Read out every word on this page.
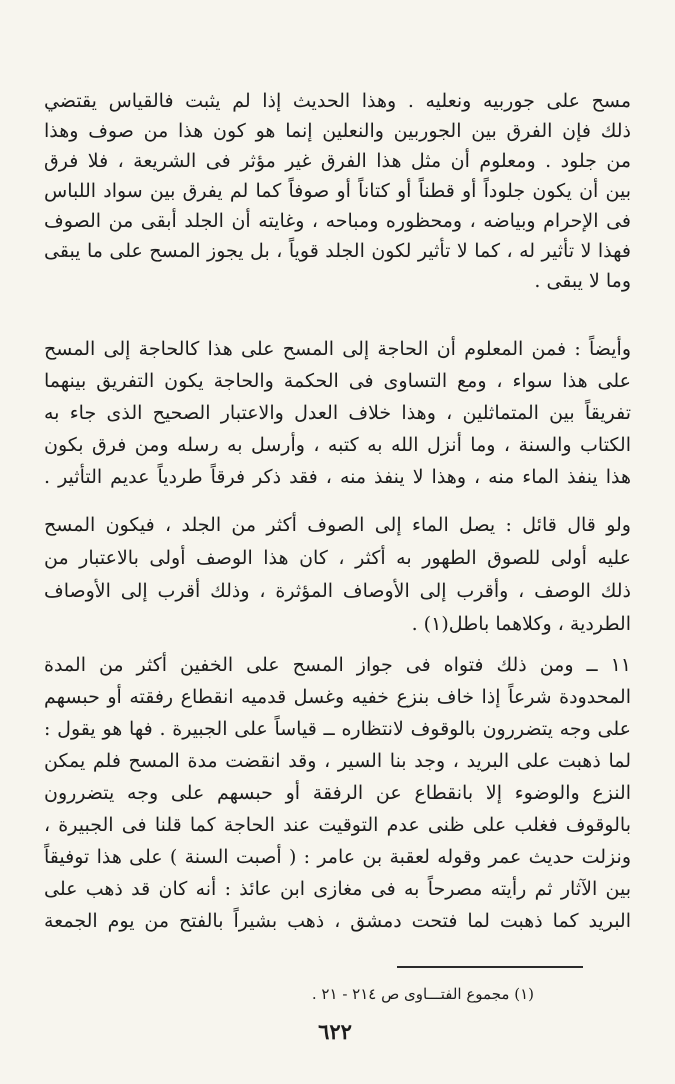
مسح على جوربيه ونعليه . وهذا الحديث إذا لم يثبت فالقياس يقتضي
ذلك فإن الفرق بين الجوربين والنعلين إنما هو كون هذا من صوف وهذا
من جلود . ومعلوم أن مثل هذا الفرق غير مؤثر فى الشريعة ، فلا فرق
بين أن يكون جلوداً أو قطناً أو كتاناً أو صوفاً كما لم يفرق بين سواد اللباس
فى الإحرام وبياضه ، ومحظوره ومباحه ، وغايته أن الجلد أبقى من الصوف
فهذا لا تأثير له ، كما لا تأثير لكون الجلد قوياً ، بل يجوز المسح على ما يبقى
وما لا يبقى .
وأيضاً : فمن المعلوم أن الحاجة إلى المسح على هذا كالحاجة إلى المسح
على هذا سواء ، ومع التساوى فى الحكمة والحاجة يكون التفريق بينهما
تفريقاً بين المتماثلين ، وهذا خلاف العدل والاعتبار الصحيح الذى جاء به
الكتاب والسنة ، وما أنزل الله به كتبه ، وأرسل به رسله ومن فرق بكون
هذا ينفذ الماء منه ، وهذا لا ينفذ منه ، فقد ذكر فرقاً طردياً عديم التأثير .
ولو قال قائل : يصل الماء إلى الصوف أكثر من الجلد ، فيكون المسح
عليه أولى للصوق الطهور به أكثر ، كان هذا الوصف أولى بالاعتبار من
ذلك الوصف ، وأقرب إلى الأوصاف المؤثرة ، وذلك أقرب إلى الأوصاف
الطردية ، وكلاهما باطل(١) .
١١ ــ ومن ذلك فتواه فى جواز المسح على الخفين أكثر من المدة
المحدودة شرعاً إذا خاف بنزع خفيه وغسل قدميه انقطاع رفقته أو حبسهم
على وجه يتضررون بالوقوف لانتظاره ــ قياساً على الجبيرة . فها هو يقول :
لما ذهبت على البريد ، وجد بنا السير ، وقد انقضت مدة المسح فلم يمكن
النزع والوضوء إلا بانقطاع عن الرفقة أو حبسهم على وجه يتضررون
بالوقوف فغلب على ظنى عدم التوقيت عند الحاجة كما قلنا فى الجبيرة ،
ونزلت حديث عمر وقوله لعقبة بن عامر : ( أصبت السنة ) على هذا توفيقاً
بين الآثار ثم رأيته مصرحاً به فى مغازى ابن عائذ : أنه كان قد ذهب على
البريد كما ذهبت لما فتحت دمشق ، ذهب بشيراً بالفتح من يوم الجمعة
(١) مجموع الفتـــاوى ص ٢١٤ - ٢١ .
٦٢٢
